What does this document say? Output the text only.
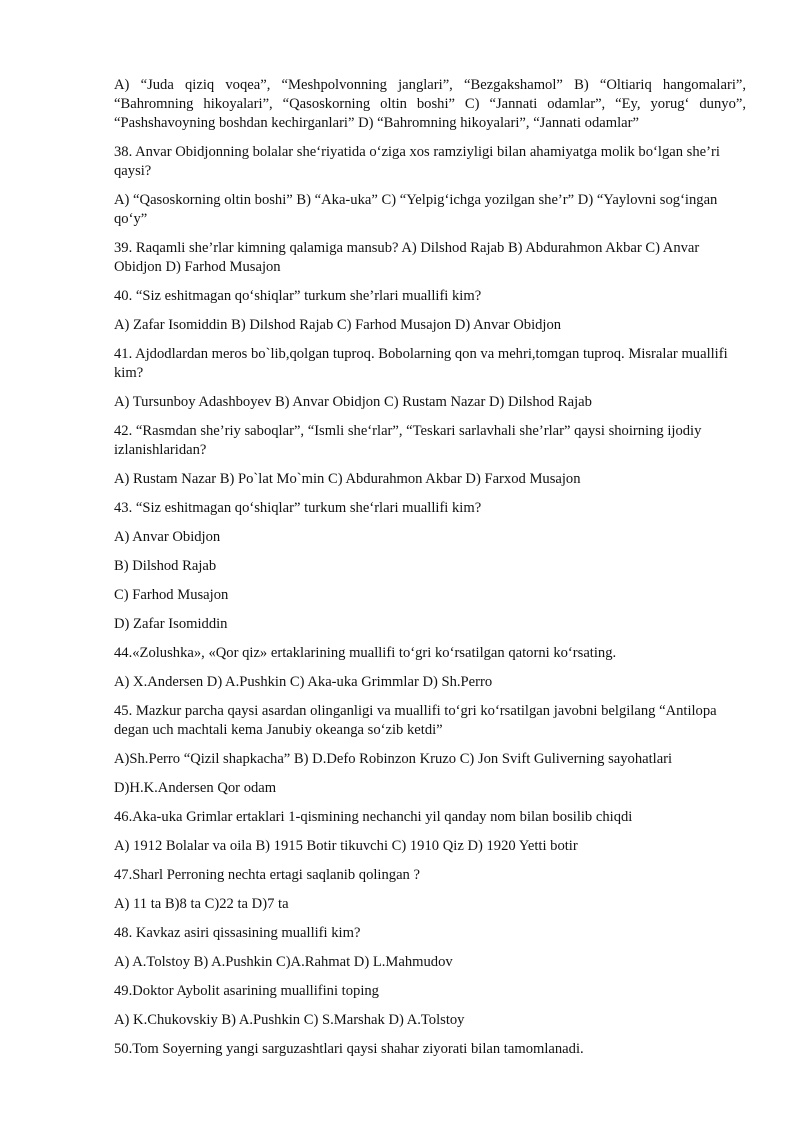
A) “Juda qiziq voqea”, “Meshpolvonning janglari”, “Bezgakshamol” B) “Oltiariq hangomalari”, “Bahromning hikoyalari”, “Qasoskorning oltin boshi” C) “Jannati odamlar”, “Ey, yorug‘ dunyo”, “Pashshavoyning boshdan kechirganlari” D) “Bahromning hikoyalari”, “Jannati odamlar”

38. Anvar Obidjonning bolalar she‘riyatida o‘ziga xos ramziyligi bilan ahamiyatga molik bo‘lgan she’ri qaysi?

A) “Qasoskorning oltin boshi” B) “Aka-uka” C) “Yelpig‘ichga yozilgan she’r” D) “Yaylovni sog‘ingan qo‘y”

39. Raqamli she’rlar kimning qalamiga mansub? A) Dilshod Rajab B) Abdurahmon Akbar C) Anvar Obidjon D) Farhod Musajon

40. “Siz eshitmagan qo‘shiqlar” turkum she’rlari muallifi kim?

A) Zafar Isomiddin B) Dilshod Rajab C) Farhod Musajon D) Anvar Obidjon

41. Ajdodlardan meros bo`lib,qolgan tuproq. Bobolarning qon va mehri,tomgan tuproq. Misralar muallifi kim?

A) Tursunboy Adashboyev B) Anvar Obidjon C) Rustam Nazar D) Dilshod Rajab

42. “Rasmdan she’riy saboqlar”, “Ismli she‘rlar”, “Teskari sarlavhali she’rlar” qaysi shoirning ijodiy izlanishlaridan?

A) Rustam Nazar B) Po`lat Mo`min C) Abdurahmon Akbar D) Farxod Musajon

43. “Siz eshitmagan qo‘shiqlar” turkum she‘rlari muallifi kim?

A) Anvar Obidjon

B) Dilshod Rajab

C) Farhod Musajon

D) Zafar Isomiddin

44.«Zolushka», «Qor qiz» ertaklarining muallifi to‘gri ko‘rsatilgan qatorni ko‘rsating.

A) X.Andersen D) A.Pushkin C) Aka-uka Grimmlar D) Sh.Perro

45. Mazkur parcha qaysi asardan olinganligi va muallifi to‘gri ko‘rsatilgan javobni belgilang “Antilopa degan uch machtali kema Janubiy okeanga so‘zib ketdi”

A)Sh.Perro “Qizil shapkacha” B) D.Defo Robinzon Kruzo C) Jon Svift Guliverning sayohatlari

D)H.K.Andersen Qor odam

46.Aka-uka Grimlar ertaklari 1-qismining nechanchi yil qanday nom bilan bosilib chiqdi

A) 1912 Bolalar va oila B) 1915 Botir tikuvchi C) 1910 Qiz D) 1920 Yetti botir

47.Sharl Perroning nechta ertagi saqlanib qolingan ?

A) 11 ta B)8 ta C)22 ta D)7 ta

48. Kavkaz asiri qissasining muallifi kim?

A) A.Tolstoy B) A.Pushkin C)A.Rahmat D) L.Mahmudov

49.Doktor Aybolit asarining muallifini toping

A) K.Chukovskiy B) A.Pushkin C) S.Marshak D) A.Tolstoy

50.Tom Soyerning yangi sarguzashtlari qaysi shahar ziyorati bilan tamomlanadi.
